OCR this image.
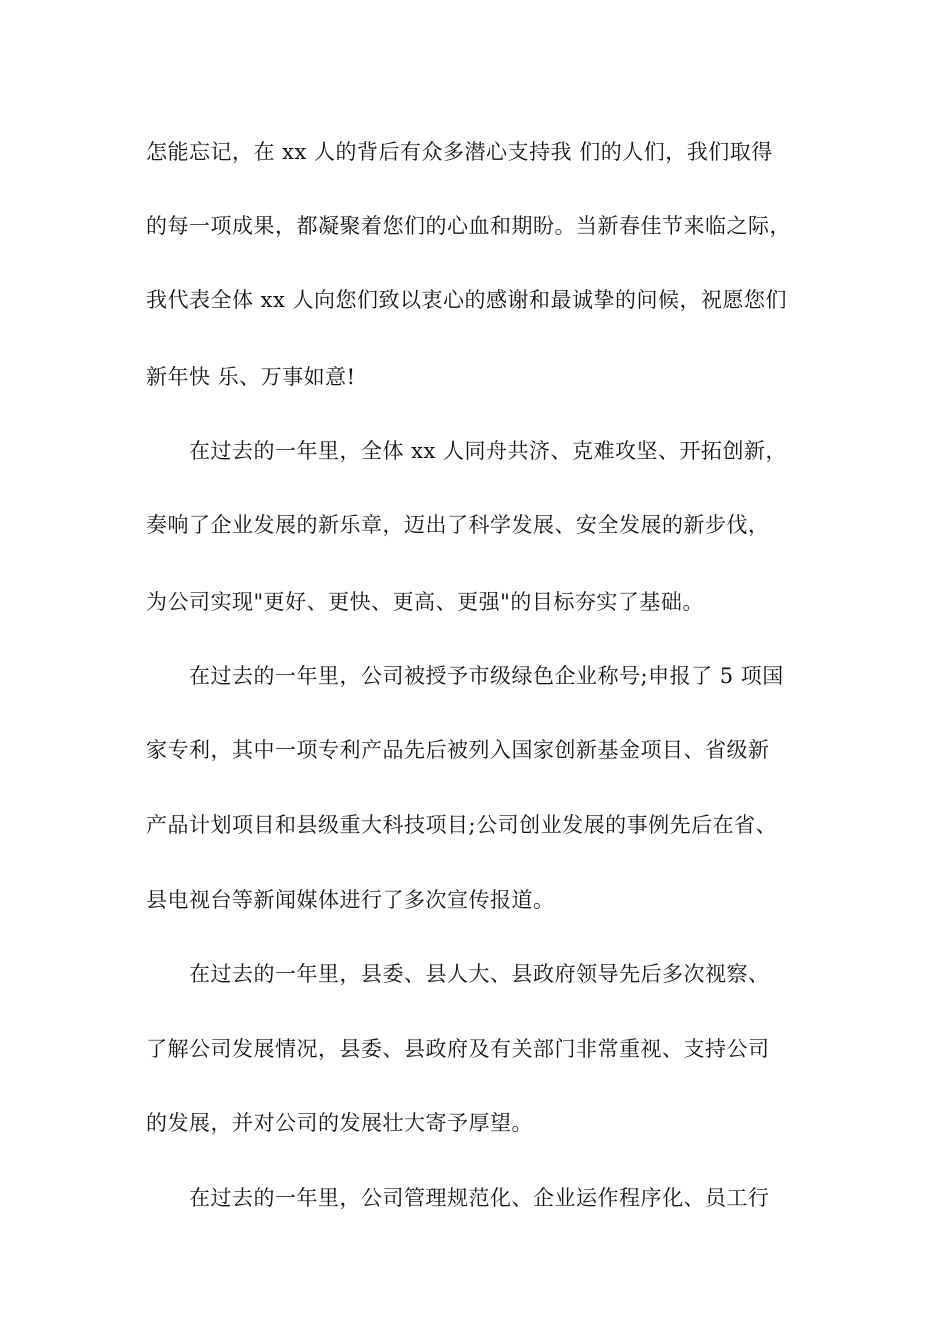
怎能忘记，在 xx 人的背后有众多潜心支持我 们的人们，我们取得
的每一项成果，都凝聚着您们的心血和期盼。当新春佳节来临之际，
我代表全体 xx 人向您们致以衷心的感谢和最诚挚的问候，祝愿您们
新年快 乐、万事如意!
在过去的一年里，全体 xx 人同舟共济、克难攻坚、开拓创新，
奏响了企业发展的新乐章，迈出了科学发展、安全发展的新步伐，
为公司实现"更好、更快、更高、更强"的目标夯实了基础。
在过去的一年里，公司被授予市级绿色企业称号;申报了 5 项国
家专利，其中一项专利产品先后被列入国家创新基金项目、省级新
产品计划项目和县级重大科技项目;公司创业发展的事例先后在省、
县电视台等新闻媒体进行了多次宣传报道。
在过去的一年里，县委、县人大、县政府领导先后多次视察、
了解公司发展情况，县委、县政府及有关部门非常重视、支持公司
的发展，并对公司的发展壮大寄予厚望。
在过去的一年里，公司管理规范化、企业运作程序化、员工行
